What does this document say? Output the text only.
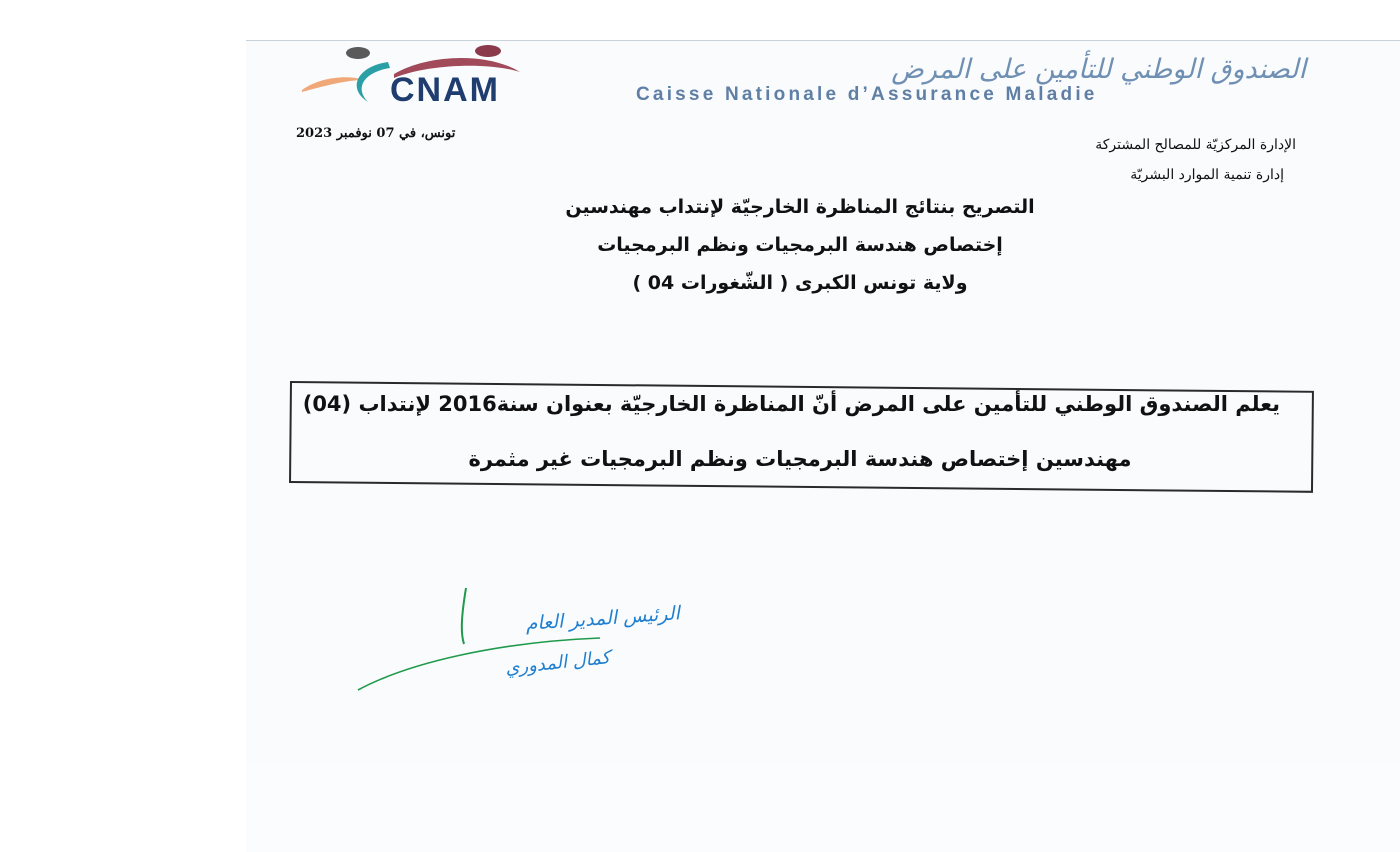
CNAM
الصندوق الوطني للتأمين على المرض
Caisse Nationale d’Assurance Maladie
تونس، في 07 نوفمبر 2023
الإدارة المركزيّة للمصالح المشتركة
إدارة تنمية الموارد البشريّة
التصريح بنتائج المناظرة الخارجيّة لإنتداب مهندسين
إختصاص هندسة البرمجيات ونظم البرمجيات
ولاية تونس الكبرى ( الشّغورات 04 )
يعلم الصندوق الوطني للتأمين على المرض أنّ المناظرة الخارجيّة بعنوان سنة2016 لإنتداب (04)
مهندسين إختصاص هندسة البرمجيات ونظم البرمجيات غير مثمرة
الرئيس المدير العام
كمال المدوري
